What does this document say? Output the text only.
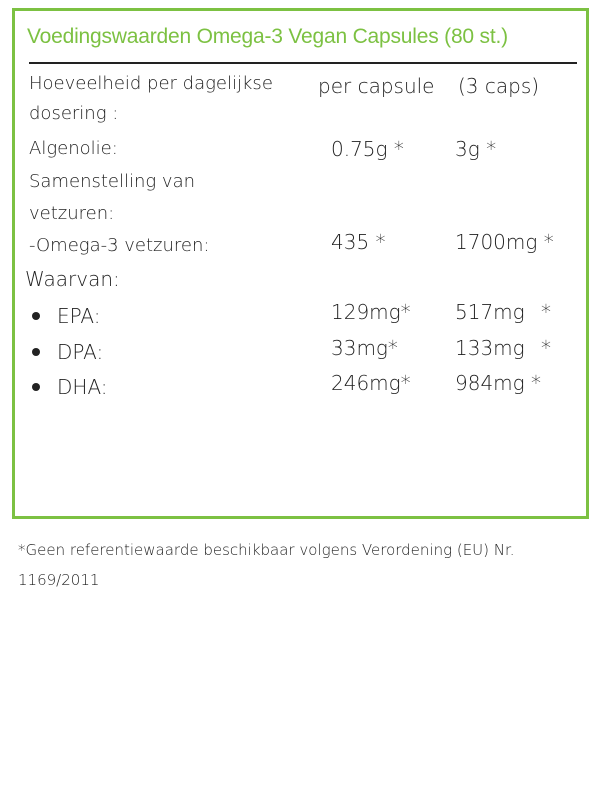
Voedingswaarden Omega-3 Vegan Capsules (80 st.)
Hoeveelheid per dagelijkse
dosering :
per capsule (3 caps)
Algenolie:	0.75g *	3g *
Samenstelling van
vetzuren:
-Omega-3 vetzuren:	435 *	1700mg *
Waarvan:
EPA:	129mg* 517mg *
DPA:	33mg*	133mg *
DHA:	246mg* 984mg *
*Geen referentiewaarde beschikbaar volgens Verordening (EU) Nr. 1169/2011
